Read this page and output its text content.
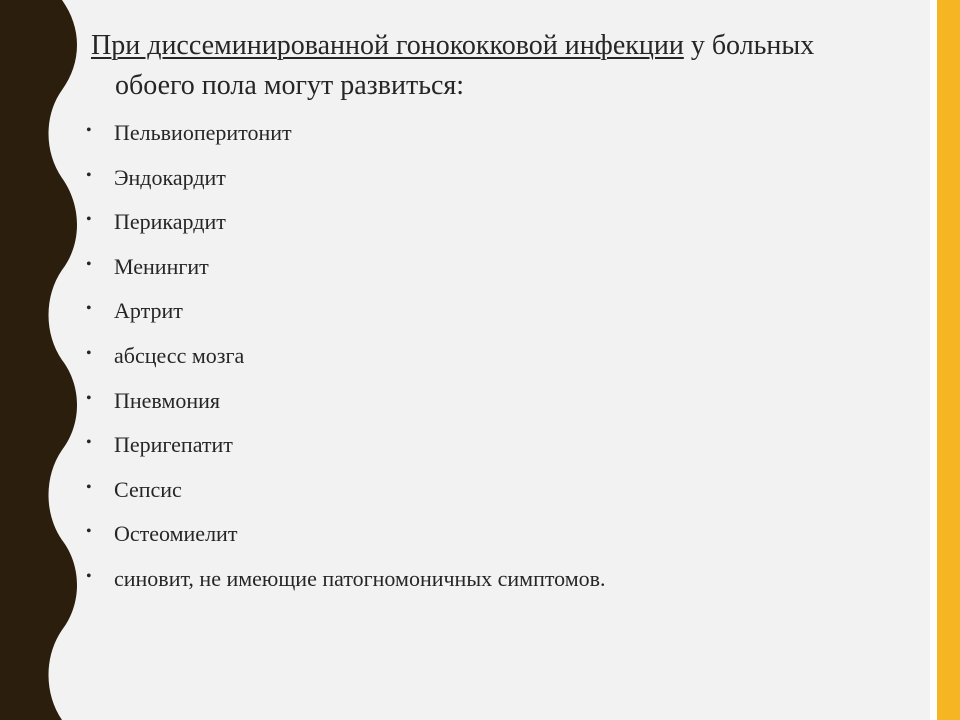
При диссеминированной гонококковой инфекции у больных
обоего пола могут развиться:
• Пельвиоперитонит
• Эндокардит
• Перикардит
• Менингит
• Артрит
• абсцесс мозга
• Пневмония
• Перигепатит
• Сепсис
• Остеомиелит
• синовит, не имеющие патогномоничных симптомов.
